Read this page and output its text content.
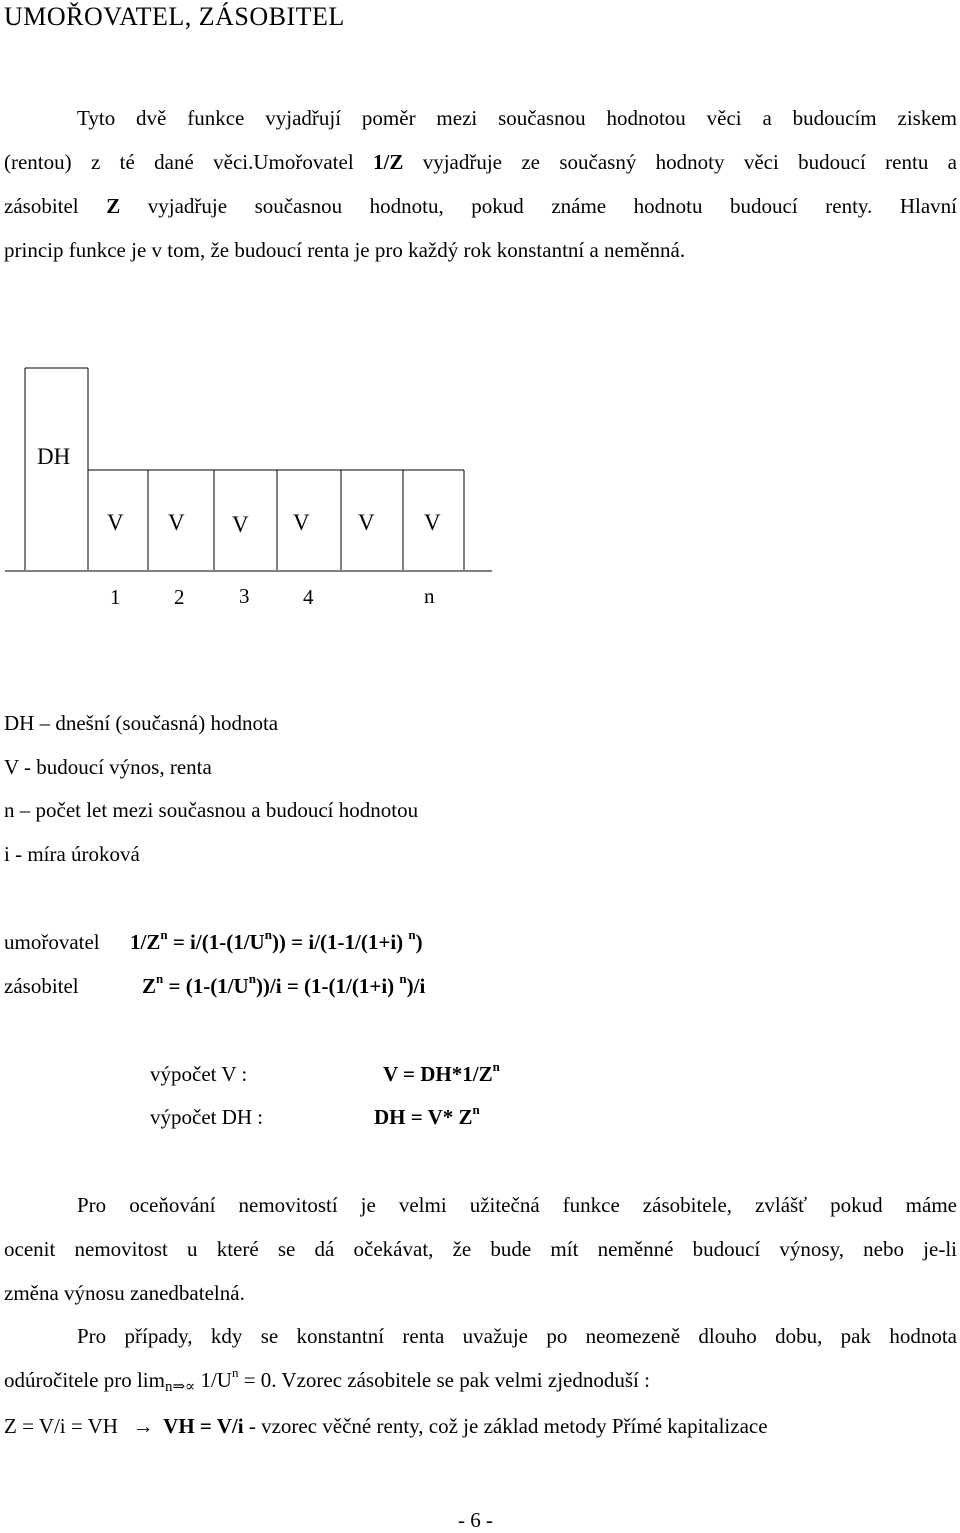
UMOŘOVATEL, ZÁSOBITEL

Tyto dvě funkce vyjadřují poměr mezi současnou hodnotou věci a budoucím ziskem

(rentou) z té dané věci.Umořovatel 1/Z vyjadřuje ze současný hodnoty věci budoucí rentu a

zásobitel Z vyjadřuje současnou hodnotu, pokud známe hodnotu budoucí renty. Hlavní

princip funkce je v tom, že budoucí renta je pro každý rok konstantní a neměnná.

DH
V V V V V V
1	2	3	4	n
DH – dnešní (současná) hodnota
V - budoucí výnos, renta
n – počet let mezi současnou a budoucí hodnotou
i - míra úroková
umořovatel $1/Z^n = i/(1-(1/U^n)) = i/(1-1/(1+i)$ $^n$)
zásobitel	$Z^n = (1-(1/U^n))/i = (1-(1/(1+i)$ $^n$)/i
výpočet V :	$V = DH*1/Z^n$
výpočet DH :	DH = V* $Z^n$

Pro oceňování nemovitostí je velmi užitečná funkce zásobitele, zvlášť pokud máme

ocenit nemovitost u které se dá očekávat, že bude mít neměnné budoucí výnosy, nebo je-li

změna výnosu zanedbatelná.

Pro případy, kdy se konstantní renta uvažuje po neomezeně dlouho dobu, pak hodnota

odúročitele pro $\lim_{n\Rightarrow\propto} 1/U^n = 0$. Vzorec zásobitele se pak velmi zjednoduší :

Z = V/i = VH → VH = V/i - vzorec věčné renty, což je základ metody Přímé kapitalizace
- 6 -
